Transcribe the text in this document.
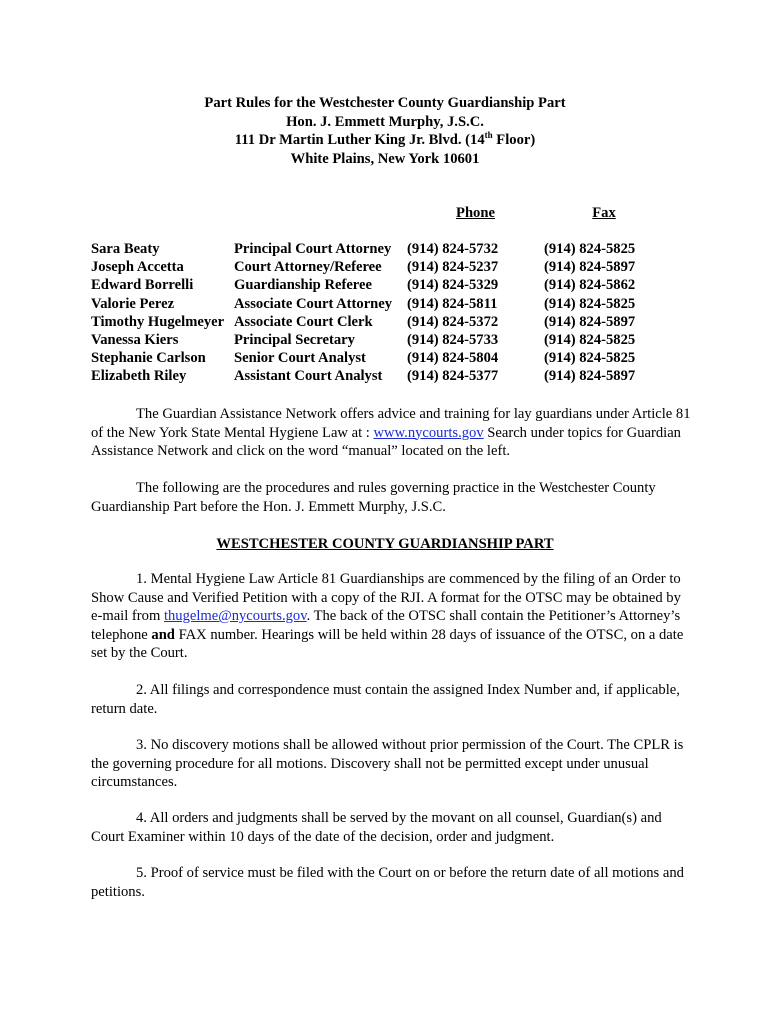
Part Rules for the Westchester County Guardianship Part
Hon. J. Emmett Murphy, J.S.C.
111 Dr Martin Luther King Jr. Blvd. (14th Floor)
White Plains, New York 10601
		Phone	Fax
Sara Beaty	Principal Court Attorney	(914) 824-5732	(914) 824-5825
Joseph Accetta	Court Attorney/Referee	(914) 824-5237	(914) 824-5897
Edward Borrelli	Guardianship Referee	(914) 824-5329	(914) 824-5862
Valorie Perez	Associate Court Attorney	(914) 824-5811	(914) 824-5825
Timothy Hugelmeyer	Associate Court Clerk	(914) 824-5372	(914) 824-5897
Vanessa Kiers	Principal Secretary	(914) 824-5733	(914) 824-5825
Stephanie Carlson	Senior Court Analyst	(914) 824-5804	(914) 824-5825
Elizabeth Riley	Assistant Court Analyst	(914) 824-5377	(914) 824-5897

The Guardian Assistance Network offers advice and training for lay guardians under Article 81 of the New York State Mental Hygiene Law at : www.nycourts.gov Search under topics for Guardian Assistance Network and click on the word “manual” located on the left.

The following are the procedures and rules governing practice in the Westchester County Guardianship Part before the Hon. J. Emmett Murphy, J.S.C.

WESTCHESTER COUNTY GUARDIANSHIP PART

1. Mental Hygiene Law Article 81 Guardianships are commenced by the filing of an Order to Show Cause and Verified Petition with a copy of the RJI. A format for the OTSC may be obtained by e-mail from thugelme@nycourts.gov. The back of the OTSC shall contain the Petitioner’s Attorney’s telephone and FAX number. Hearings will be held within 28 days of issuance of the OTSC, on a date set by the Court.

2. All filings and correspondence must contain the assigned Index Number and, if applicable, return date.

3. No discovery motions shall be allowed without prior permission of the Court. The CPLR is the governing procedure for all motions. Discovery shall not be permitted except under unusual circumstances.

4. All orders and judgments shall be served by the movant on all counsel, Guardian(s) and Court Examiner within 10 days of the date of the decision, order and judgment.

5. Proof of service must be filed with the Court on or before the return date of all motions and petitions.
